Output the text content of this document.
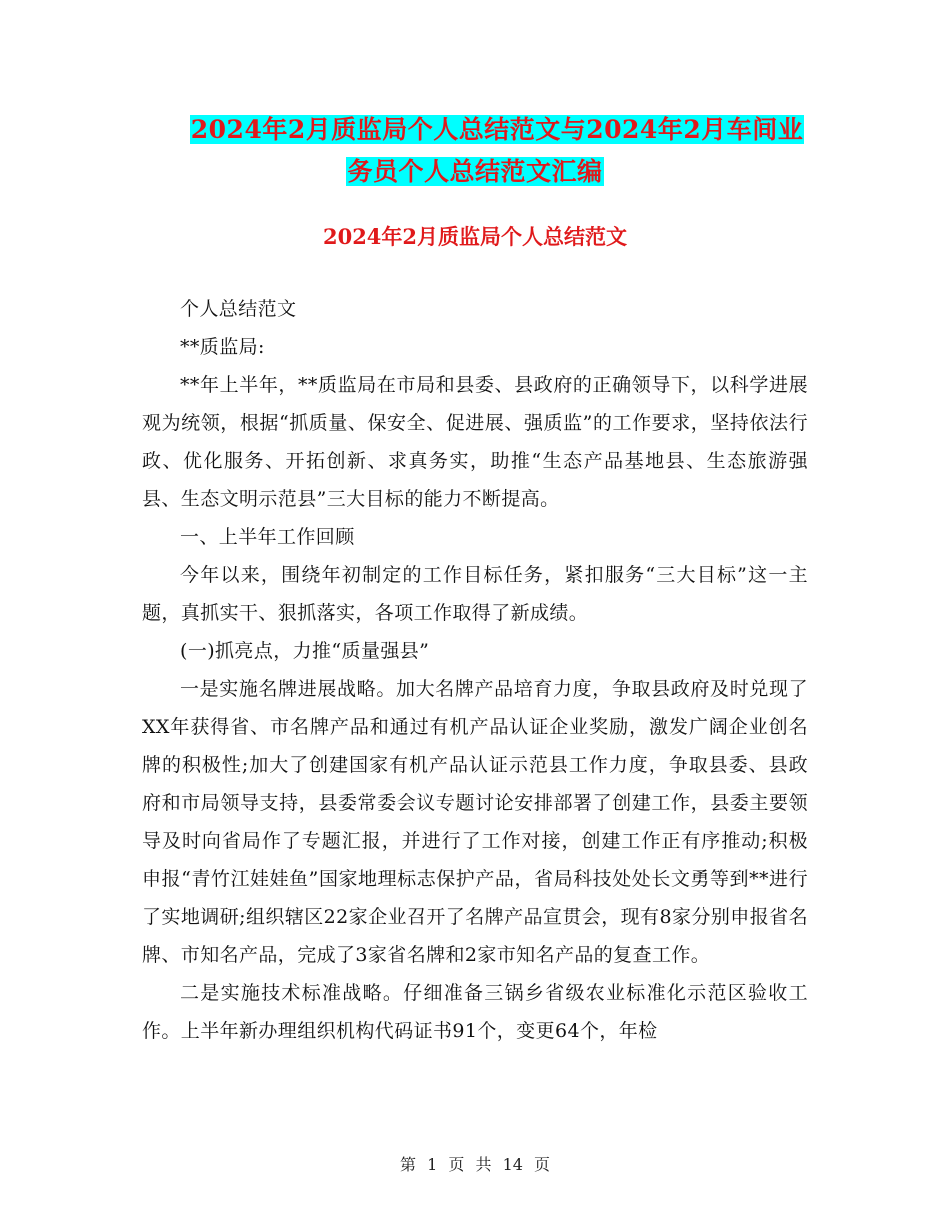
2024年2月质监局个人总结范文与2024年2月车间业
务员个人总结范文汇编
2024年2月质监局个人总结范文

个人总结范文

**质监局:

**年上半年，**质监局在市局和县委、县政府的正确领导下，以科学进展观为统领，根据“抓质量、保安全、促进展、强质监”的工作要求，坚持依法行政、优化服务、开拓创新、求真务实，助推“生态产品基地县、生态旅游强县、生态文明示范县”三大目标的能力不断提高。

一、上半年工作回顾

今年以来，围绕年初制定的工作目标任务，紧扣服务“三大目标”这一主题，真抓实干、狠抓落实，各项工作取得了新成绩。

(一)抓亮点，力推“质量强县”

一是实施名牌进展战略。加大名牌产品培育力度，争取县政府及时兑现了XX年获得省、市名牌产品和通过有机产品认证企业奖励，激发广阔企业创名牌的积极性;加大了创建国家有机产品认证示范县工作力度，争取县委、县政府和市局领导支持，县委常委会议专题讨论安排部署了创建工作，县委主要领导及时向省局作了专题汇报，并进行了工作对接，创建工作正有序推动;积极申报“青竹江娃娃鱼”国家地理标志保护产品，省局科技处处长文勇等到**进行了实地调研;组织辖区22家企业召开了名牌产品宣贯会，现有8家分别申报省名牌、市知名产品，完成了3家省名牌和2家市知名产品的复查工作。

二是实施技术标准战略。仔细准备三锅乡省级农业标准化示范区验收工作。上半年新办理组织机构代码证书91个，变更64个，年检

第 1 页 共 14 页
